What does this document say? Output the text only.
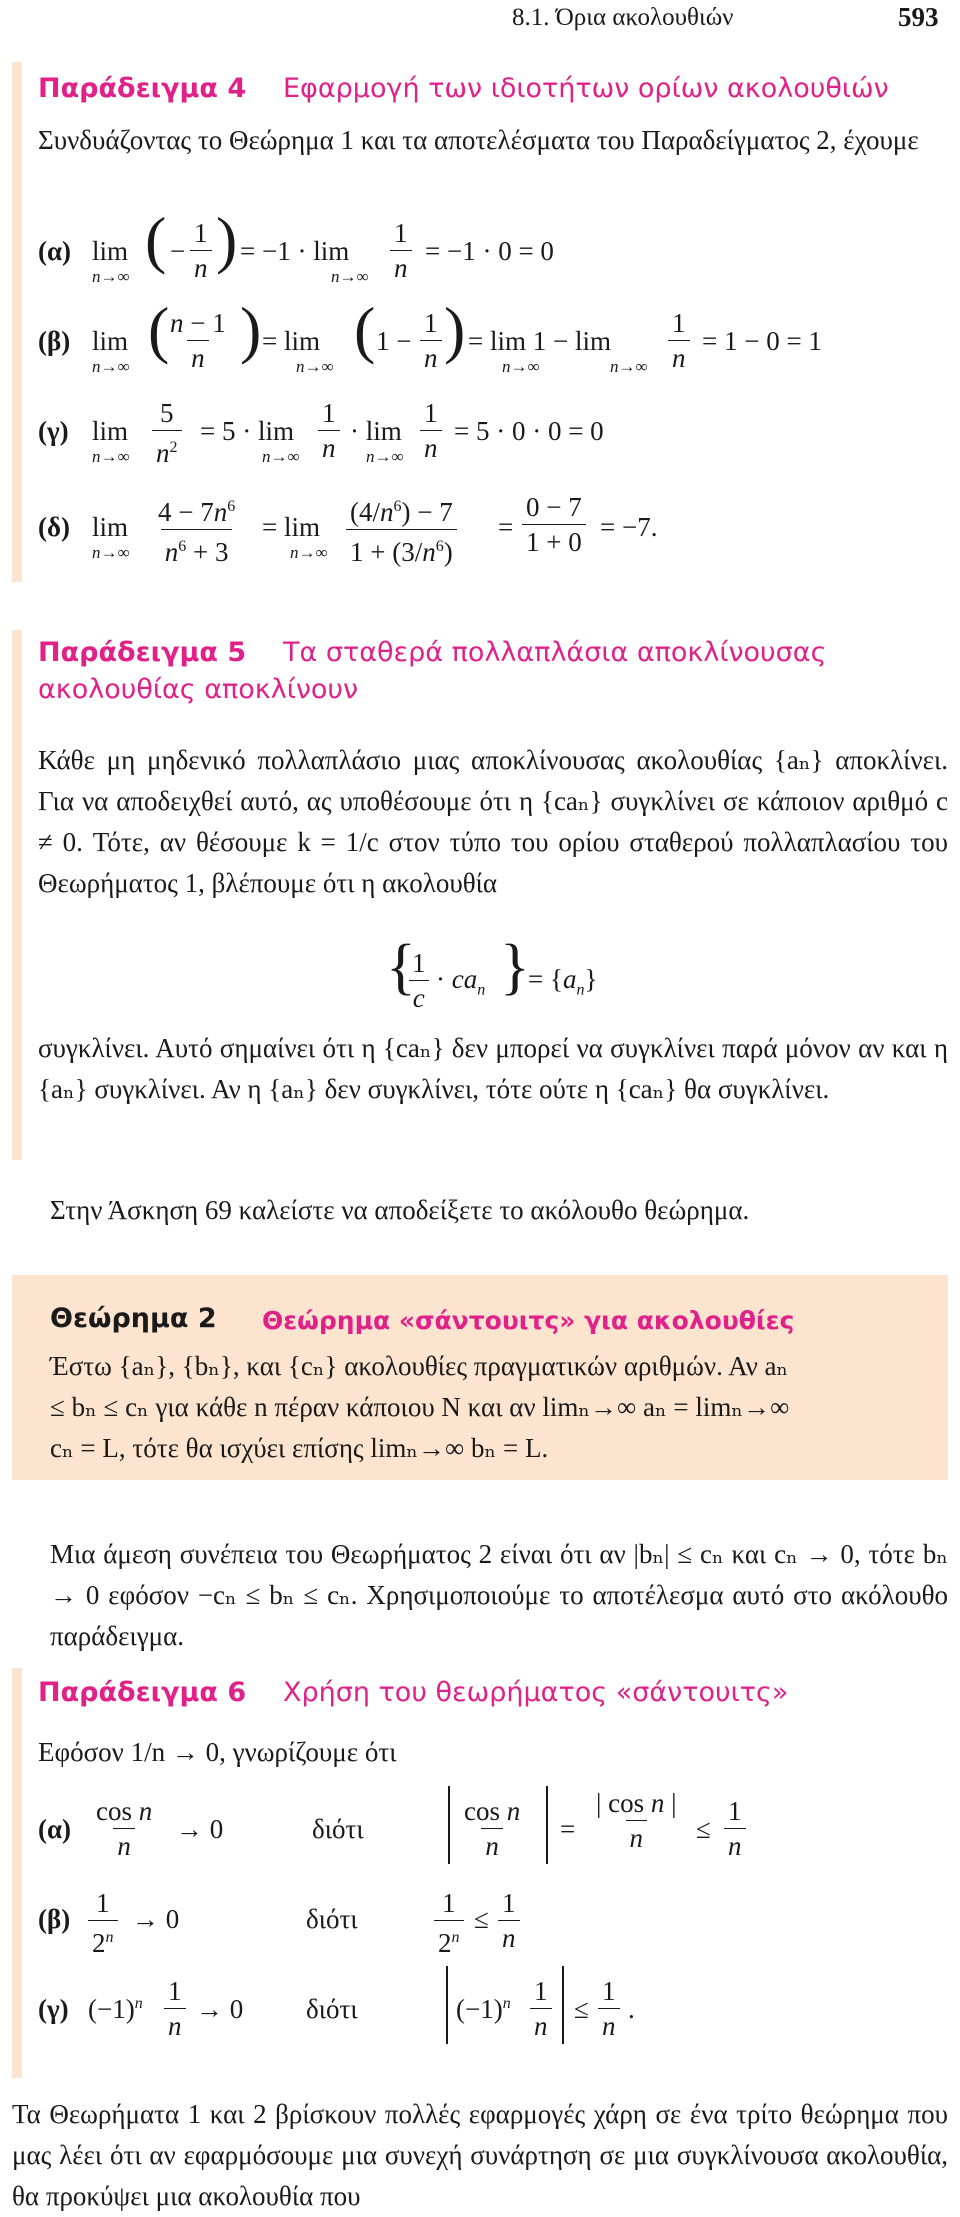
8.1. Όρια ακολουθιών	593
Παράδειγμα 4 Εφαρμογή των ιδιοτήτων ορίων ακολουθιών
Συνδυάζοντας το Θεώρημα 1 και τα αποτελέσματα του Παραδείγματος 2, έχουμε
(α) lim
n→∞
( − $\frac{1}{n}$ ) = −1 · lim
$n\to\infty \frac{1}{n} = -1 \cdot 0 = 0$
(β) lim
n→∞
(
$\frac{n - 1}{n}$ ) = lim
n→∞
( $1 - \frac{1}{n}$ ) = lim 1 − lim
n→∞	$n\to\infty \frac{1}{n} = 1 - 0 = 1$
(γ) lim
$n\to\infty \frac{5}{n^2} = 5 \cdot \lim$
$n\to\infty \frac{1}{n} \cdot \lim$
$n\to\infty \frac{1}{n} = 5 \cdot 0 \cdot 0 = 0$
(δ) lim
$n\to\infty \frac{4 - 7n^6}{n^6 + 3} = \lim$
$n\to\infty \frac{(4/n^6) - 7}{1 + (3/n^6)} = \frac{0 - 7}{1 + 0} = -7$.
Παράδειγμα 5 Τα σταθερά πολλαπλάσια αποκλίνουσας
ακολουθίας αποκλίνουν
Κάθε μη μηδενικό πολλαπλάσιο μιας αποκλίνουσας ακολουθίας {aₙ} αποκλίνει. Για να αποδειχθεί αυτό, ας υποθέσουμε ότι η {caₙ} συγκλίνει σε κάποιον αριθμό c ≠ 0. Τότε, αν θέσουμε k = 1/c στον τύπο του ορίου σταθερού πολλαπλασίου του Θεωρήματος 1, βλέπουμε ότι η ακολουθία
{
$\frac{1}{c} \cdot ca_n$ }
= $\{a_n\}$
συγκλίνει. Αυτό σημαίνει ότι η {caₙ} δεν μπορεί να συγκλίνει παρά μόνον αν και η {aₙ} συγκλίνει. Αν η {aₙ} δεν συγκλίνει, τότε ούτε η {caₙ} θα συγκλίνει.
Στην Άσκηση 69 καλείστε να αποδείξετε το ακόλουθο θεώρημα.
Θεώρημα 2 Θεώρημα «σάντουιτς» για ακολουθίες
Έστω {aₙ}, {bₙ}, και {cₙ} ακολουθίες πραγματικών αριθμών. Αν aₙ
≤ bₙ ≤ cₙ για κάθε n πέραν κάποιου N και αν limₙ→∞ aₙ = limₙ→∞
cₙ = L, τότε θα ισχύει επίσης limₙ→∞ bₙ = L.
Μια άμεση συνέπεια του Θεωρήματος 2 είναι ότι αν |bₙ| ≤ cₙ και cₙ → 0, τότε bₙ → 0 εφόσον −cₙ ≤ bₙ ≤ cₙ. Χρησιμοποιούμε το αποτέλεσμα αυτό στο ακόλουθο παράδειγμα.
Παράδειγμα 6 Χρήση του θεωρήματος «σάντουιτς»
Εφόσον 1/n → 0, γνωρίζουμε ότι
$(\alpha) \frac{\text{cos n}}{n} \to 0$	διότι	$\frac{\text{cos n}}{n} = \frac{\text{| cos n |}}{n} \le \frac{1}{n}$
$(\beta) \frac{1}{2^n} \to 0$	διότι	$\frac{1}{2^n} \le \frac{1}{n}$
(γ) $(-1)^n \frac{1}{n} \to 0$ διότι	$(-1)^n \frac{1}{n} \le \frac{1}{n}$ .
Τα Θεωρήματα 1 και 2 βρίσκουν πολλές εφαρμογές χάρη σε ένα τρίτο θεώρημα που μας λέει ότι αν εφαρμόσουμε μια συνεχή συνάρτηση σε μια συγκλίνουσα ακολουθία, θα προκύψει μια ακολουθία που
